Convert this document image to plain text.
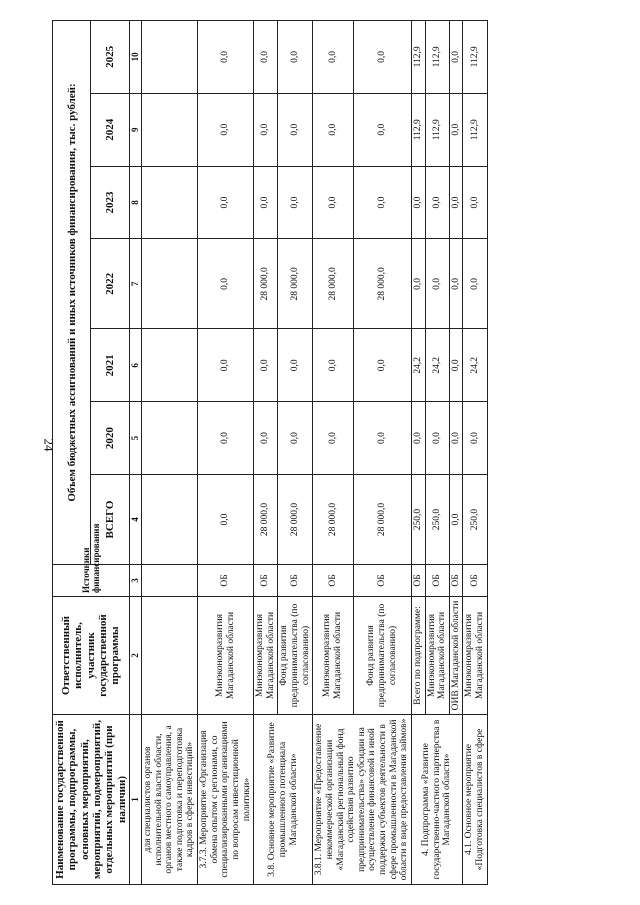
24
Наименование государственной программы, подпрограммы, основных мероприятий, мероприятий, подмероприятий, отдельных мероприятий (при наличии)	Ответственный исполнитель, участник государственной программы	Источники финансирования	Объем бюджетных ассигнований и иных источников финансирования, тыс. рублей:						
			ВСЕГО	2020	2021	2022	2023	2024	2025
1	2	3	4	5	6	7	8	9	10
для специалистов органов исполнительной власти области, органов местного самоуправления, а также подготовка и переподготовка кадров в сфере инвестиций»									
3.7.3. Мероприятие «Организация обмена опытом с регионами, со специализированными организациями по вопросам инвестиционной политики»	Минэкономразвития Магаданской области	ОБ	0,0	0,0	0,0	0,0	0,0	0,0	0,0
3.8. Основное мероприятие «Развитие промышленного потенциала Магаданской области»	Минэкономразвития Магаданской области	ОБ	28 000,0	0,0	0,0	28 000,0	0,0	0,0	0,0
	Фонд развития предпринимательства (по согласованию)	ОБ	28 000,0	0,0	0,0	28 000,0	0,0	0,0	0,0
3.8.1. Мероприятие «Предоставление некоммерческой организации «Магаданский региональный фонд содействия развитию предпринимательства» субсидии на осуществление финансовой и иной поддержки субъектов деятельности в сфере промышленности в Магаданской области в виде предоставления займов»	Минэкономразвития Магаданской области	ОБ	28 000,0	0,0	0,0	28 000,0	0,0	0,0	0,0
	Фонд развития предпринимательства (по согласованию)	ОБ	28 000,0	0,0	0,0	28 000,0	0,0	0,0	0,0
4. Подпрограмма «Развитие государственно-частного партнерства в Магаданской области»	Всего по подпрограмме:	ОБ	250,0	0,0	24,2	0,0	0,0	112,9	112,9
	Минэкономразвития Магаданской области	ОБ	250,0	0,0	24,2	0,0	0,0	112,9	112,9
	ОИВ Магаданской области	ОБ	0,0	0,0	0,0	0,0	0,0	0,0	0,0
4.1. Основное мероприятие «Подготовка специалистов в сфере	Минэкономразвития Магаданской области	ОБ	250,0	0,0	24,2	0,0	0,0	112,9	112,9
